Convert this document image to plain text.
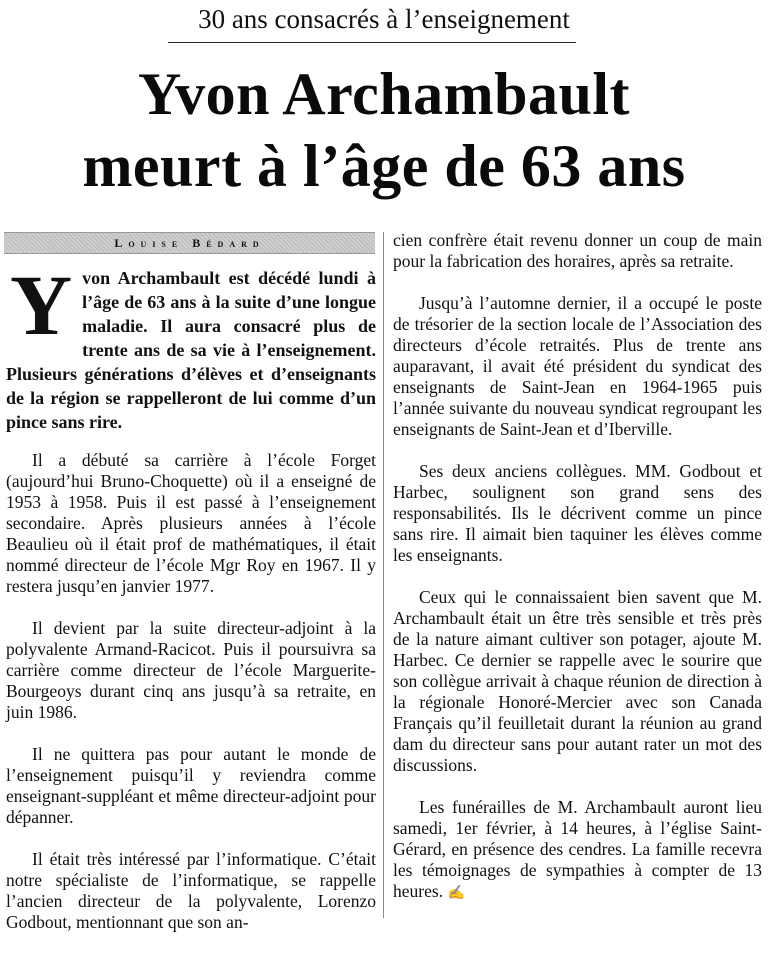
30 ans consacrés à l’enseignement
Yvon Archambault
meurt à l’âge de 63 ans
Louise Bédard
Yvon Archambault est décédé lundi à l’âge de 63 ans à la suite d’une longue maladie. Il aura consacré plus de trente ans de sa vie à l’enseignement. Plusieurs générations d’élèves et d’enseignants de la région se rappelleront de lui comme d’un pince sans rire.

Il a débuté sa carrière à l’école Forget (aujourd’hui Bruno-Choquette) où il a enseigné de 1953 à 1958. Puis il est passé à l’enseignement secondaire. Après plusieurs années à l’école Beaulieu où il était prof de mathématiques, il était nommé directeur de l’école Mgr Roy en 1967. Il y restera jusqu’en janvier 1977.

Il devient par la suite directeur-adjoint à la polyvalente Armand-Racicot. Puis il poursuivra sa carrière comme directeur de l’école Marguerite-Bourgeoys durant cinq ans jusqu’à sa retraite, en juin 1986.

Il ne quittera pas pour autant le monde de l’enseignement puisqu’il y reviendra comme enseignant-suppléant et même directeur-adjoint pour dépanner.

Il était très intéressé par l’informatique. C’était notre spécialiste de l’informatique, se rappelle l’ancien directeur de la polyvalente, Lorenzo Godbout, mentionnant que son an-

cien confrère était revenu donner un coup de main pour la fabrication des horaires, après sa retraite.

Jusqu’à l’automne dernier, il a occupé le poste de trésorier de la section locale de l’Association des directeurs d’école retraités. Plus de trente ans auparavant, il avait été président du syndicat des enseignants de Saint-Jean en 1964-1965 puis l’année suivante du nouveau syndicat regroupant les enseignants de Saint-Jean et d’Iberville.

Ses deux anciens collègues. MM. Godbout et Harbec, soulignent son grand sens des responsabilités. Ils le décrivent comme un pince sans rire. Il aimait bien taquiner les élèves comme les enseignants.

Ceux qui le connaissaient bien savent que M. Archambault était un être très sensible et très près de la nature aimant cultiver son potager, ajoute M. Harbec. Ce dernier se rappelle avec le sourire que son collègue arrivait à chaque réunion de direction à la régionale Honoré-Mercier avec son Canada Français qu’il feuilletait durant la réunion au grand dam du directeur sans pour autant rater un mot des discussions.

Les funérailles de M. Archambault auront lieu samedi, 1er février, à 14 heures, à l’église Saint-Gérard, en présence des cendres. La famille recevra les témoignages de sympathies à compter de 13 heures. ✍
